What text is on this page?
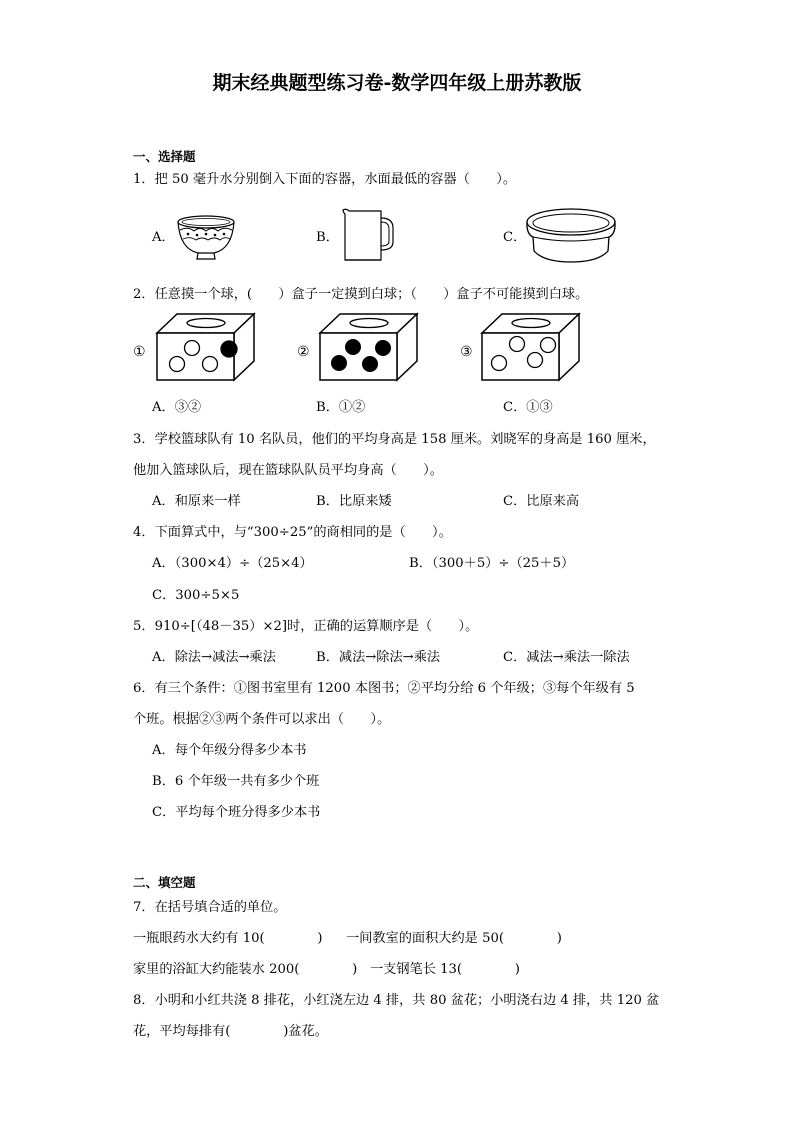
期末经典题型练习卷-数学四年级上册苏教版
一、选择题
1．把 50 毫升水分别倒入下面的容器，水面最低的容器（　　）。
A．	B．	C．
2．任意摸一个球，(　　）盒子一定摸到白球；（　　）盒子不可能摸到白球。
①	②	③
A．③②	B．①②	C．①③
3．学校篮球队有 10 名队员，他们的平均身高是 158 厘米。刘晓军的身高是 160 厘米，
他加入篮球队后，现在篮球队队员平均身高（　　）。
A．和原来一样	B．比原来矮	C．比原来高
4．下面算式中，与“300÷25”的商相同的是（　　）。
A．（300×4）÷（25×4）	B．（300＋5）÷（25＋5）
C．300÷5×5
5．910÷[（48－35）×2]时，正确的运算顺序是（　　）。
A．除法→减法→乘法	B．减法→除法→乘法	C．减法→乘法一除法
6．有三个条件：①图书室里有 1200 本图书；②平均分给 6 个年级；③每个年级有 5
个班。根据②③两个条件可以求出（　　）。
A．每个年级分得多少本书
B．6 个年级一共有多少个班
C．平均每个班分得多少本书
二、填空题
7．在括号填合适的单位。
一瓶眼药水大约有 10(　　　　) 一间教室的面积大约是 50(　　　　)
家里的浴缸大约能装水 200(　　　　) 一支钢笔长 13(　　　　)
8．小明和小红共浇 8 排花，小红浇左边 4 排，共 80 盆花；小明浇右边 4 排，共 120 盆
花，平均每排有(　　　　)盆花。
